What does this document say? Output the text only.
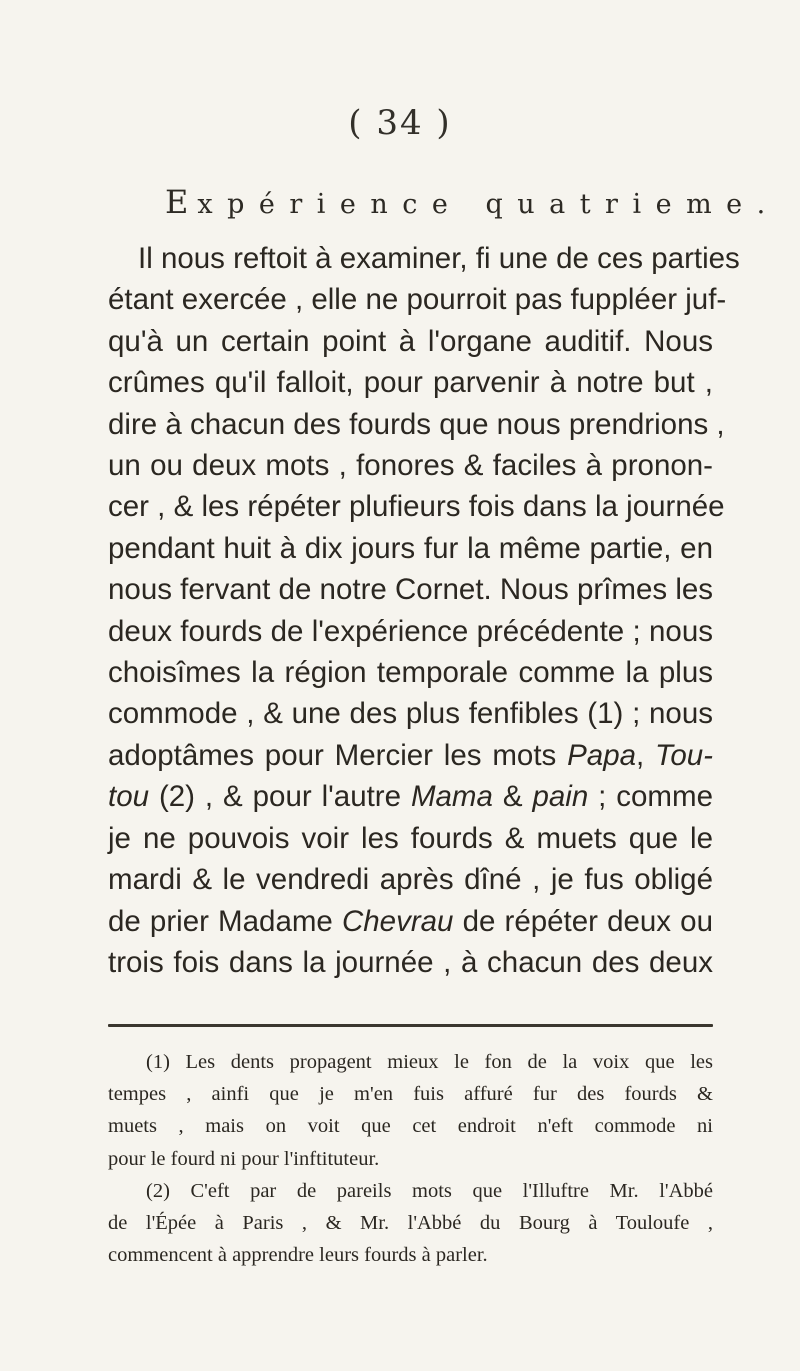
( 34 )
Expérience quatrieme.
Il nous reftoit à examiner, fi une de ces parties
étant exercée , elle ne pourroit pas fuppléer juf-
qu'à un certain point à l'organe auditif. Nous
crûmes qu'il falloit, pour parvenir à notre but ,
dire à chacun des fourds que nous prendrions ,
un ou deux mots , fonores & faciles à pronon-
cer , & les répéter plufieurs fois dans la journée
pendant huit à dix jours fur la même partie, en
nous fervant de notre Cornet. Nous prîmes les
deux fourds de l'expérience précédente ; nous
choisîmes la région temporale comme la plus
commode , & une des plus fenfibles (1) ; nous
adoptâmes pour Mercier les mots Papa, Tou-
tou (2) , & pour l'autre Mama & pain ; comme
je ne pouvois voir les fourds & muets que le
mardi & le vendredi après dîné , je fus obligé
de prier Madame Chevrau de répéter deux ou
trois fois dans la journée , à chacun des deux
(1) Les dents propagent mieux le fon de la voix que les
tempes , ainfi que je m'en fuis affuré fur des fourds &
muets , mais on voit que cet endroit n'eft commode ni
pour le fourd ni pour l'inftituteur.
(2) C'eft par de pareils mots que l'Illuftre Mr. l'Abbé
de l'Épée à Paris , & Mr. l'Abbé du Bourg à Touloufe ,
commencent à apprendre leurs fourds à parler.
